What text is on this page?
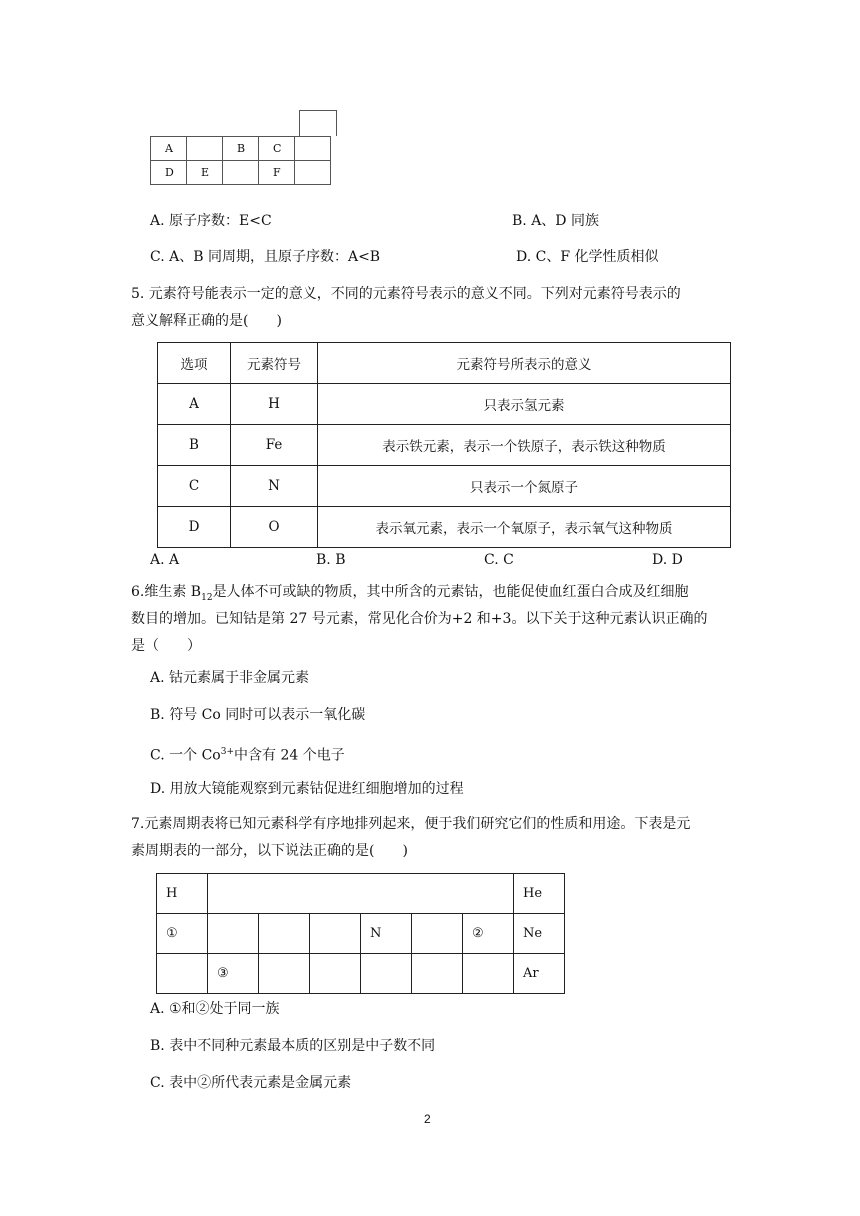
A		B	C	
D	E		F	
A. 原子序数：E<C	B. A、D 同族
C. A、B 同周期，且原子序数：A<B	D. C、F 化学性质相似
5. 元素符号能表示一定的意义，不同的元素符号表示的意义不同。下列对元素符号表示的
意义解释正确的是(　　)
选项	元素符号	元素符号所表示的意义
A	H	只表示氢元素
B	Fe	表示铁元素，表示一个铁原子，表示铁这种物质
C	N	只表示一个氮原子
D	O	表示氧元素，表示一个氧原子，表示氧气这种物质
A. A	B. B	C. C	D. D
6.维生素 $B_{12}$是人体不可或缺的物质，其中所含的元素钴，也能促使血红蛋白合成及红细胞
数目的增加。已知钴是第 27 号元素，常见化合价为+2 和+3。以下关于这种元素认识正确的
是（　　）
A. 钴元素属于非金属元素
B. 符号 Co 同时可以表示一氧化碳
C. 一个 $Co^{3+}$中含有 24 个电子
D. 用放大镜能观察到元素钴促进红细胞增加的过程
7.元素周期表将已知元素科学有序地排列起来，便于我们研究它们的性质和用途。下表是元
素周期表的一部分，以下说法正确的是(　　)
H							He
①				N		②	Ne
	③						Ar
A. ①和②处于同一族
B. 表中不同种元素最本质的区别是中子数不同
C. 表中②所代表元素是金属元素
2
